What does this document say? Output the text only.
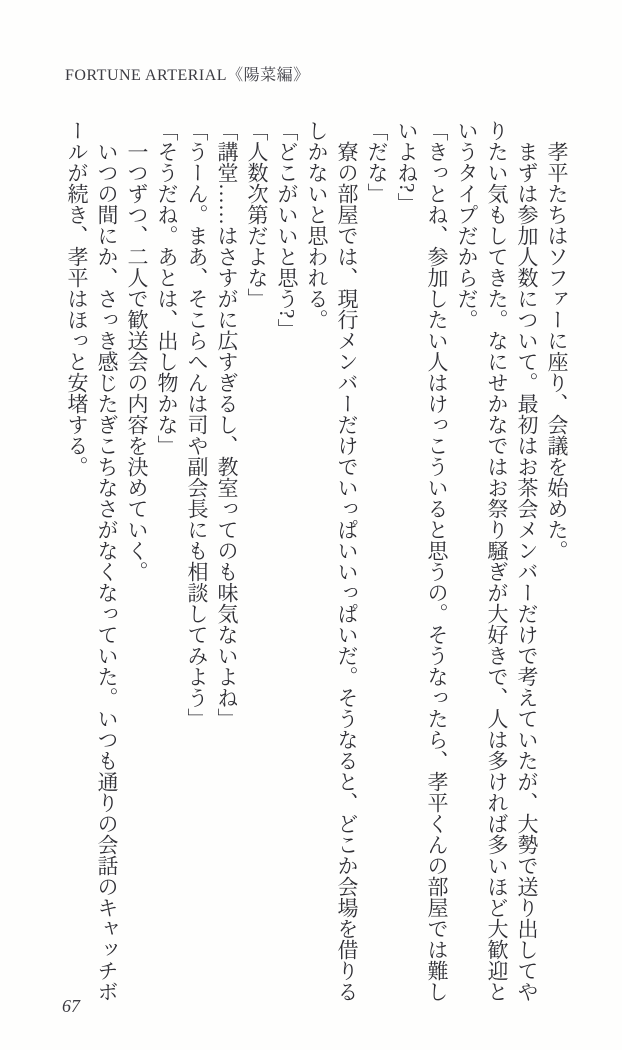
FORTUNE ARTERIAL《陽菜編》

孝平たちはソファーに座り、会議を始めた。

まずは参加人数について。最初はお茶会メンバーだけで考えていたが、大勢で送り出してやりたい気もしてきた。なにせかなではお祭り騒ぎが大好きで、人は多ければ多いほど大歓迎というタイプだからだ。

「きっとね、参加したい人はけっこういると思うの。そうなったら、孝平くんの部屋では難しいよね?」

「だな」

寮の部屋では、現行メンバーだけでいっぱいいっぱいだ。そうなると、どこか会場を借りるしかないと思われる。

「どこがいいと思う?」

「人数次第だよな」

「講堂……はさすがに広すぎるし、教室ってのも味気ないよね」

「うーん。まあ、そこらへんは司や副会長にも相談してみよう」

「そうだね。あとは、出し物かな」

一つずつ、二人で歓送会の内容を決めていく。

いつの間にか、さっき感じたぎこちなさがなくなっていた。いつも通りの会話のキャッチボールが続き、孝平はほっと安堵する。

67
